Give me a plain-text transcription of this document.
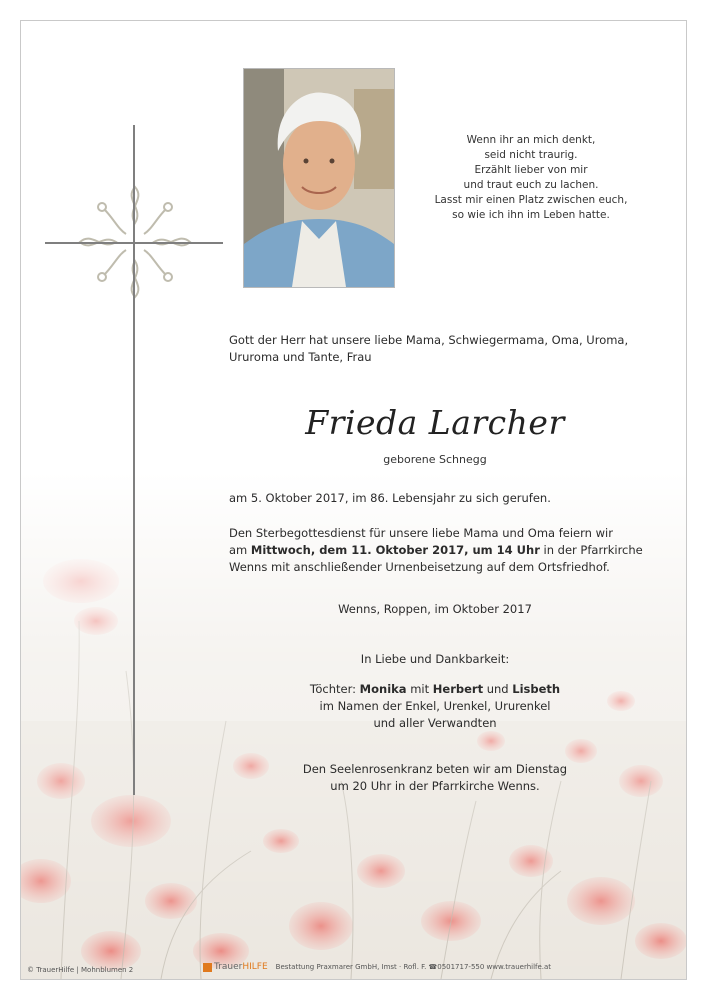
Wenn ihr an mich denkt,
seid nicht traurig.
Erzählt lieber von mir
und traut euch zu lachen.
Lasst mir einen Platz zwischen euch,
so wie ich ihn im Leben hatte.
Gott der Herr hat unsere liebe Mama, Schwiegermama, Oma, Uroma,
Ururoma und Tante, Frau
Frieda Larcher
geborene Schnegg
am 5. Oktober 2017, im 86. Lebensjahr zu sich gerufen.
Den Sterbegottesdienst für unsere liebe Mama und Oma feiern wir
am Mittwoch, dem 11. Oktober 2017, um 14 Uhr in der Pfarrkirche
Wenns mit anschließender Urnenbeisetzung auf dem Ortsfriedhof.
Wenns, Roppen, im Oktober 2017
In Liebe und Dankbarkeit:
Töchter: Monika mit Herbert und Lisbeth
im Namen der Enkel, Urenkel, Ururenkel
und aller Verwandten
Den Seelenrosenkranz beten wir am Dienstag
um 20 Uhr in der Pfarrkirche Wenns.
© TrauerHilfe | Mohnblumen 2	TrauerHILFE Bestattung Praxmarer GmbH, Imst · Rofl. F. ☎0501717-550 www.trauerhilfe.at
